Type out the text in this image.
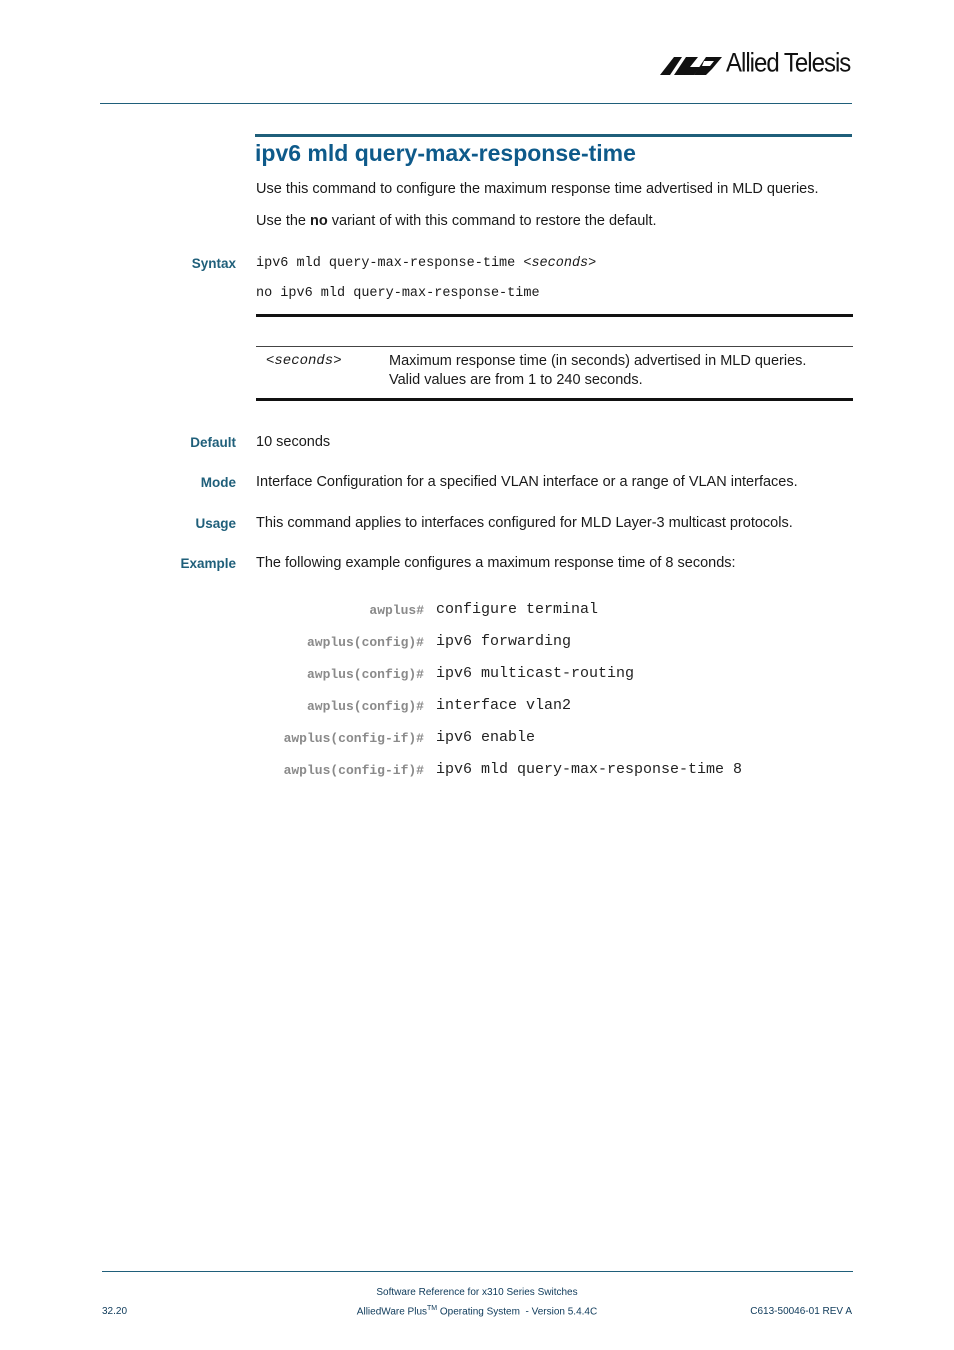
Allied Telesis
ipv6 mld query-max-response-time
Use this command to configure the maximum response time advertised in MLD queries.
Use the no variant of with this command to restore the default.
Syntax ipv6 mld query-max-response-time <seconds>
no ipv6 mld query-max-response-time
<seconds>	Maximum response time (in seconds) advertised in MLD queries.
Valid values are from 1 to 240 seconds.
Default 10 seconds
Mode Interface Configuration for a specified VLAN interface or a range of VLAN interfaces.
Usage This command applies to interfaces configured for MLD Layer-3 multicast protocols.
Example The following example configures a maximum response time of 8 seconds:
awplus# configure terminal
awplus(config)# ipv6 forwarding
awplus(config)# ipv6 multicast-routing
awplus(config)# interface vlan2
awplus(config-if)# ipv6 enable
awplus(config-if)# ipv6 mld query-max-response-time 8
Software Reference for x310 Series Switches
AlliedWare Plus™ Operating System  - Version 5.4.4C
32.20	C613-50046-01 REV A
